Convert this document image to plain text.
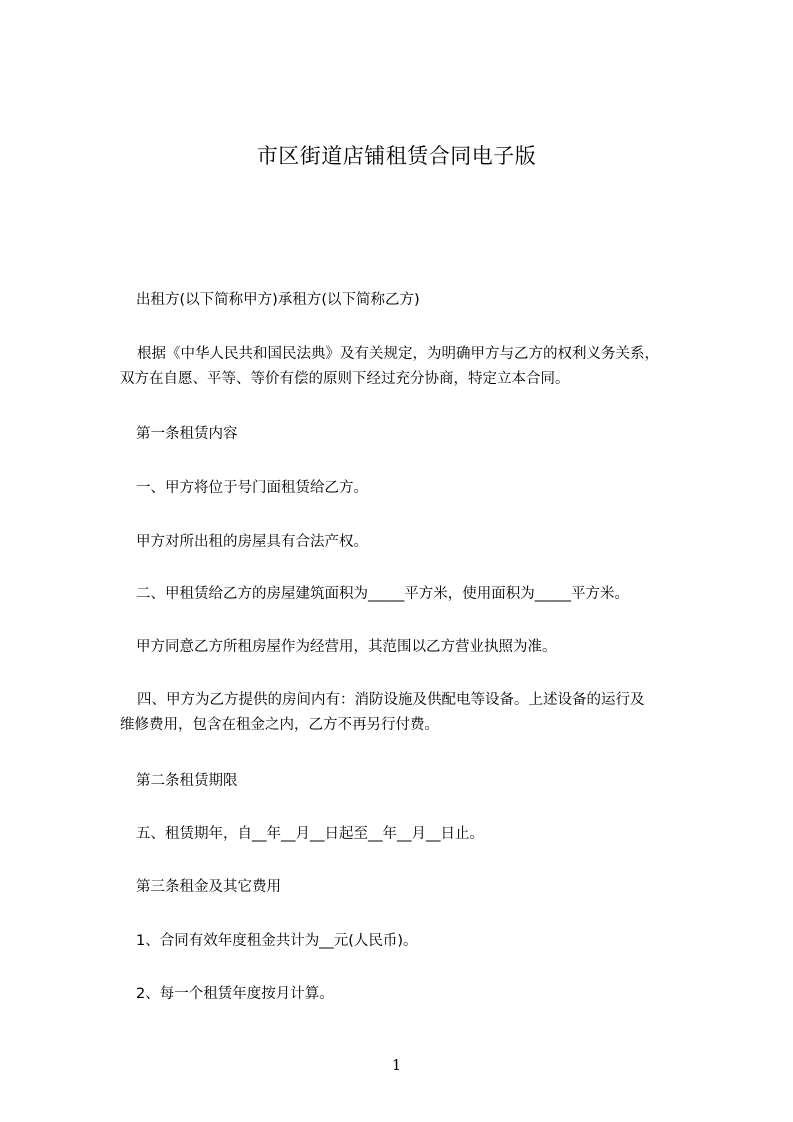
市区街道店铺租赁合同电子版

出租方(以下简称甲方)承租方(以下简称乙方)

根据《中华人民共和国民法典》及有关规定，为明确甲方与乙方的权利义务关系，
双方在自愿、平等、等价有偿的原则下经过充分协商，特定立本合同。

第一条租赁内容

一、甲方将位于号门面租赁给乙方。

甲方对所出租的房屋具有合法产权。

二、甲租赁给乙方的房屋建筑面积为_____平方米，使用面积为_____平方米。

甲方同意乙方所租房屋作为经营用，其范围以乙方营业执照为准。

四、甲方为乙方提供的房间内有：消防设施及供配电等设备。上述设备的运行及
维修费用，包含在租金之内，乙方不再另行付费。

第二条租赁期限

五、租赁期年，自__年__月__日起至__年__月__日止。

第三条租金及其它费用

1、合同有效年度租金共计为__元(人民币)。

2、每一个租赁年度按月计算。

1
